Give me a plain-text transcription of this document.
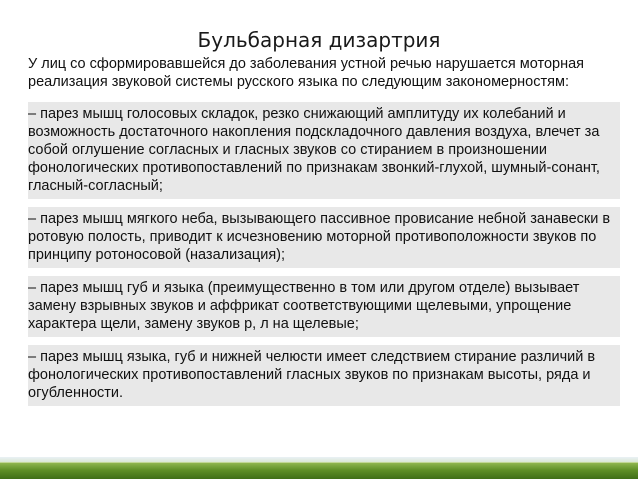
Бульбарная дизартрия

У лиц со сформировавшейся до заболевания устной речью нарушается моторная реализация звуковой системы русского языка по следующим закономерностям:

– парез мышц голосовых складок, резко снижающий амплитуду их колебаний и возможность достаточного накопления подскладочного давления воздуха, влечет за собой оглушение согласных и гласных звуков со стиранием в произношении фонологических противопоставлений по признакам звонкий-глухой, шумный-сонант, гласный-согласный;

– парез мышц мягкого неба, вызывающего пассивное провисание небной занавески в ротовую полость, приводит к исчезновению моторной противоположности звуков по принципу ротоносовой (назализация);

– парез мышц губ и языка (преимущественно в том или другом отделе) вызывает замену взрывных звуков и аффрикат соответствующими щелевыми, упрощение характера щели, замену звуков р, л на щелевые;

– парез мышц языка, губ и нижней челюсти имеет следствием стирание различий в фонологических противопоставлений гласных звуков по признакам высоты, ряда и огубленности.
